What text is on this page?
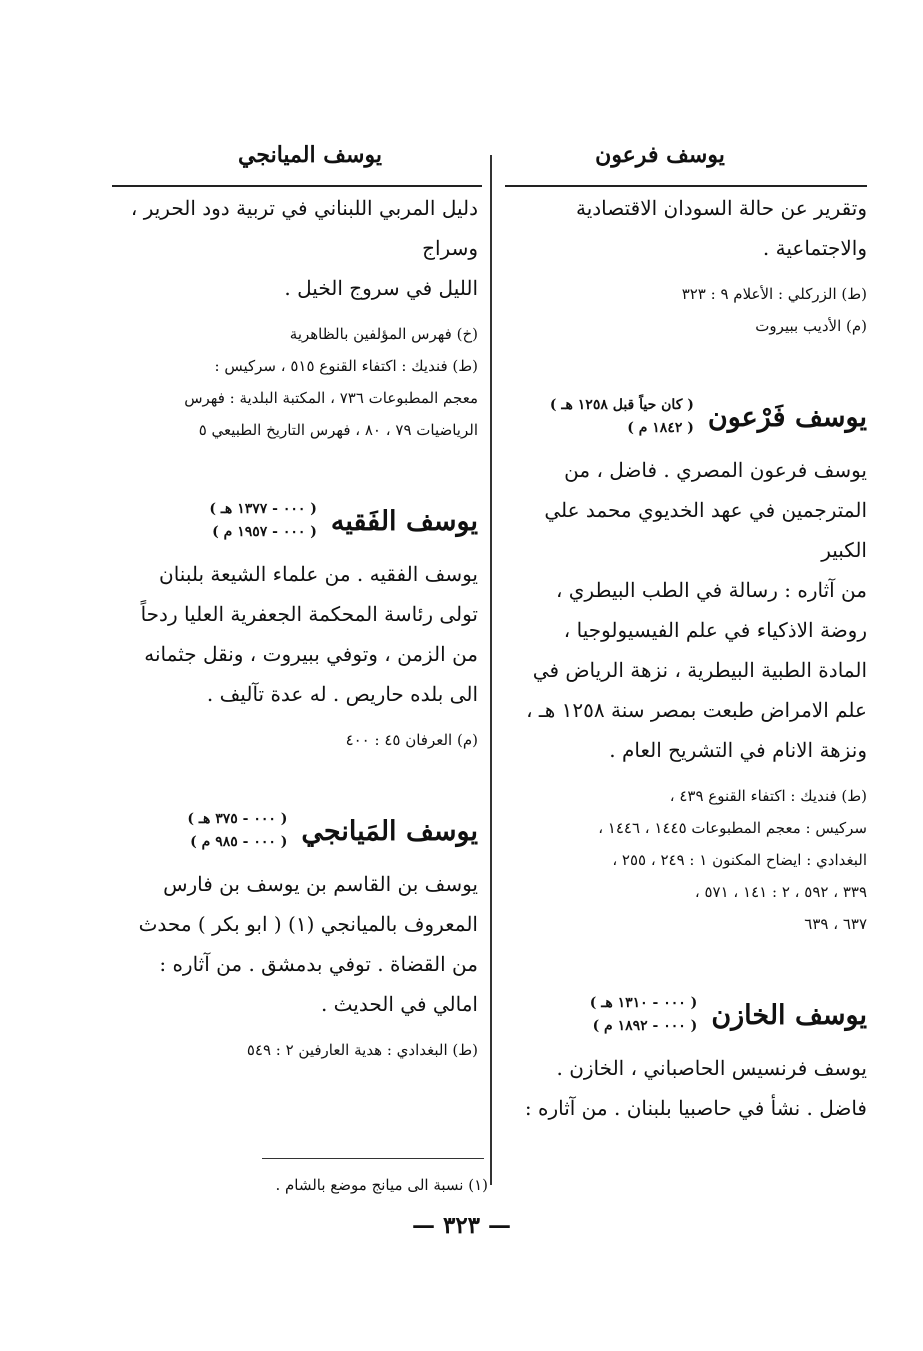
يوسف فرعون
يوسف الميانجي

وتقرير عن حالة السودان الاقتصادية

والاجتماعية .

(ط) الزركلي : الأعلام ٩ : ٣٢٣

(م) الأديب ببيروت

يوسف فَرْعون
( كان حياً قبل ١٢٥٨ هـ )
( ١٨٤٢ م )

يوسف فرعون المصري . فاضل ، من

المترجمين في عهد الخديوي محمد علي الكبير

من آثاره : رسالة في الطب البيطري ،

روضة الاذكياء في علم الفيسيولوجيا ،

المادة الطبية البيطرية ، نزهة الرياض في

علم الامراض طبعت بمصر سنة ١٢٥٨ هـ ،

ونزهة الانام في التشريح العام .

(ط) فنديك : اكتفاء القنوع ٤٣٩ ،

سركيس : معجم المطبوعات ١٤٤٥ ، ١٤٤٦ ،

البغدادي : ايضاح المكنون ١ : ٢٤٩ ، ٢٥٥ ،

٣٣٩ ، ٥٩٢ ، ٢ : ١٤١ ، ٥٧١ ،

٦٣٧ ، ٦٣٩

يوسف الخازن
( ٠٠٠ - ١٣١٠ هـ )
( ٠٠٠ - ١٨٩٢ م )

يوسف فرنسيس الحاصباني ، الخازن .

فاضل . نشأ في حاصبيا بلبنان . من آثاره :

دليل المربي اللبناني في تربية دود الحرير ، وسراج

الليل في سروج الخيل .

(خ) فهرس المؤلفين بالظاهرية

(ط) فنديك : اكتفاء القنوع ٥١٥ ، سركيس :

معجم المطبوعات ٧٣٦ ، المكتبة البلدية : فهرس

الرياضيات ٧٩ ، ٨٠ ، فهرس التاريخ الطبيعي ٥

يوسف الفَقيه
( ٠٠٠ - ١٣٧٧ هـ )
( ٠٠٠ - ١٩٥٧ م )

يوسف الفقيه . من علماء الشيعة بلبنان

تولى رئاسة المحكمة الجعفرية العليا ردحاً

من الزمن ، وتوفي ببيروت ، ونقل جثمانه

الى بلده حاريص . له عدة تآليف .

(م) العرفان ٤٥ : ٤٠٠

يوسف المَيانجي
( ٠٠٠ - ٣٧٥ هـ )
( ٠٠٠ - ٩٨٥ م )

يوسف بن القاسم بن يوسف بن فارس

المعروف بالميانجي (١) ( ابو بكر ) محدث

من القضاة . توفي بدمشق . من آثاره :

امالي في الحديث .

(ط) البغدادي : هدية العارفين ٢ : ٥٤٩

(١) نسبة الى ميانج موضع بالشام .
— ٣٢٣ —
